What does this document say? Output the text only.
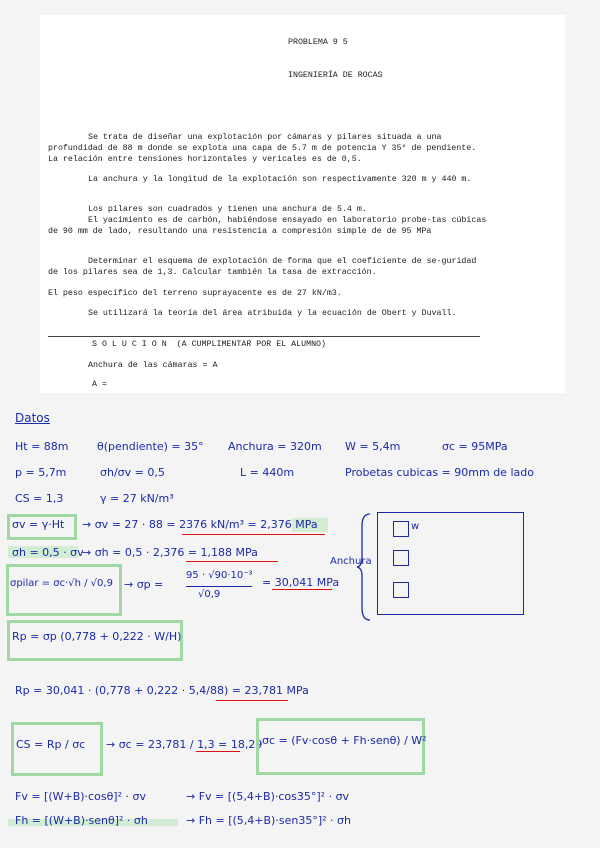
PROBLEMA 9 5

INGENIERÍA DE ROCAS

Se trata de diseñar una explotación por cámaras y pilares situada a una profundidad de 88 m donde se explota una capa de 5.7 m de potencia Y 35° de pendiente. La relación entre tensiones horizontales y vericales es de 0,5.
La anchura y la longitud de la explotación son respectivamente 320 m y 440 m.
Los pilares son cuadrados y tienen una anchura de 5.4 m.
El yacimiento es de carbón, habiéndose ensayado en laboratorio probe-tas cúbicas de 90 mm de lado, resultando una resistencia a compresión simple de de 95 MPa
Determinar el esquema de explotación de forma que el coeficiente de se-guridad de los pilares sea de 1,3. Calcular también la tasa de extracción.
El peso específico del terreno suprayacente es de 27 kN/m3.
Se utilizará la teoría del área atribuida y la ecuación de Obert y Duvall.
S O L U C I O N  (A CUMPLIMENTAR POR EL ALUMNO)
Anchura de las cámaras = A
A =
Datos
Ht = 88m	θ(pendiente) = 35° Anchura = 320m W = 5,4m	σc = 95MPa
p = 5,7m	σh/σv = 0,5	L = 440m	Probetas cubicas = 90mm de lado
CS = 1,3	γ = 27 kN/m³
σv = γ·Ht → σv = 27 · 88 = 2376 kN/m³ = 2,376 MPa
σh = 0,5 · σv
→ σh = 0,5 · 2,376 = 1,188 MPa
σpilar = σc·√h / √0,9 → σp =
95 · √90·10⁻³
√0,9
= 30,041 MPa
Anchura
w
Rp = σp (0,778 + 0,222 · W/H)
Rp = 30,041 · (0,778 + 0,222 · 5,4/88) = 23,781 MPa
CS = Rp / σc → σc = 23,781 / 1,3 = 18,29 σc = (Fv·cosθ + Fh·senθ) / W²
Fv = [(W+B)·cosθ]² · σv	→ Fv = [(5,4+B)·cos35°]² · σv
Fh = [(W+B)·senθ]² · σh	→ Fh = [(5,4+B)·sen35°]² · σh
